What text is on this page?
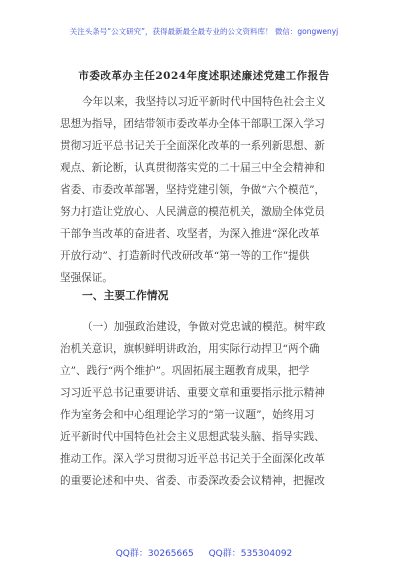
关注头条号“公文研究”，获得最新最全最专业的公文资料库！ 微信：gongwenyj
市委改革办主任2024年度述职述廉述党建工作报告
今年以来，我坚持以习近平新时代中国特色社会主义
思想为指导，团结带领市委改革办全体干部职工深入学习
贯彻习近平总书记关于全面深化改革的一系列新思想、新
观点、新论断，认真贯彻落实党的二十届三中全会精神和
省委、市委改革部署，坚持党建引领，争做“六个模范”，
努力打造让党放心、人民满意的模范机关，激励全体党员
干部争当改革的奋进者、攻坚者，为深入推进“深化改革
开放行动”、打造新时代改研改革“第一等的工作”提供
坚强保证。
一、主要工作情况
（一）加强政治建设，争做对党忠诚的模范。树牢政
治机关意识，旗帜鲜明讲政治，用实际行动捍卫“两个确
立”、践行“两个维护”。巩固拓展主题教育成果，把学
习习近平总书记重要讲话、重要文章和重要指示批示精神
作为室务会和中心组理论学习的“第一议题”，始终用习
近平新时代中国特色社会主义思想武装头脑、指导实践、
推动工作。深入学习贯彻习近平总书记关于全面深化改革
的重要论述和中央、省委、市委深改委会议精神，把握改
QQ群：30265665 QQ群：535304092
